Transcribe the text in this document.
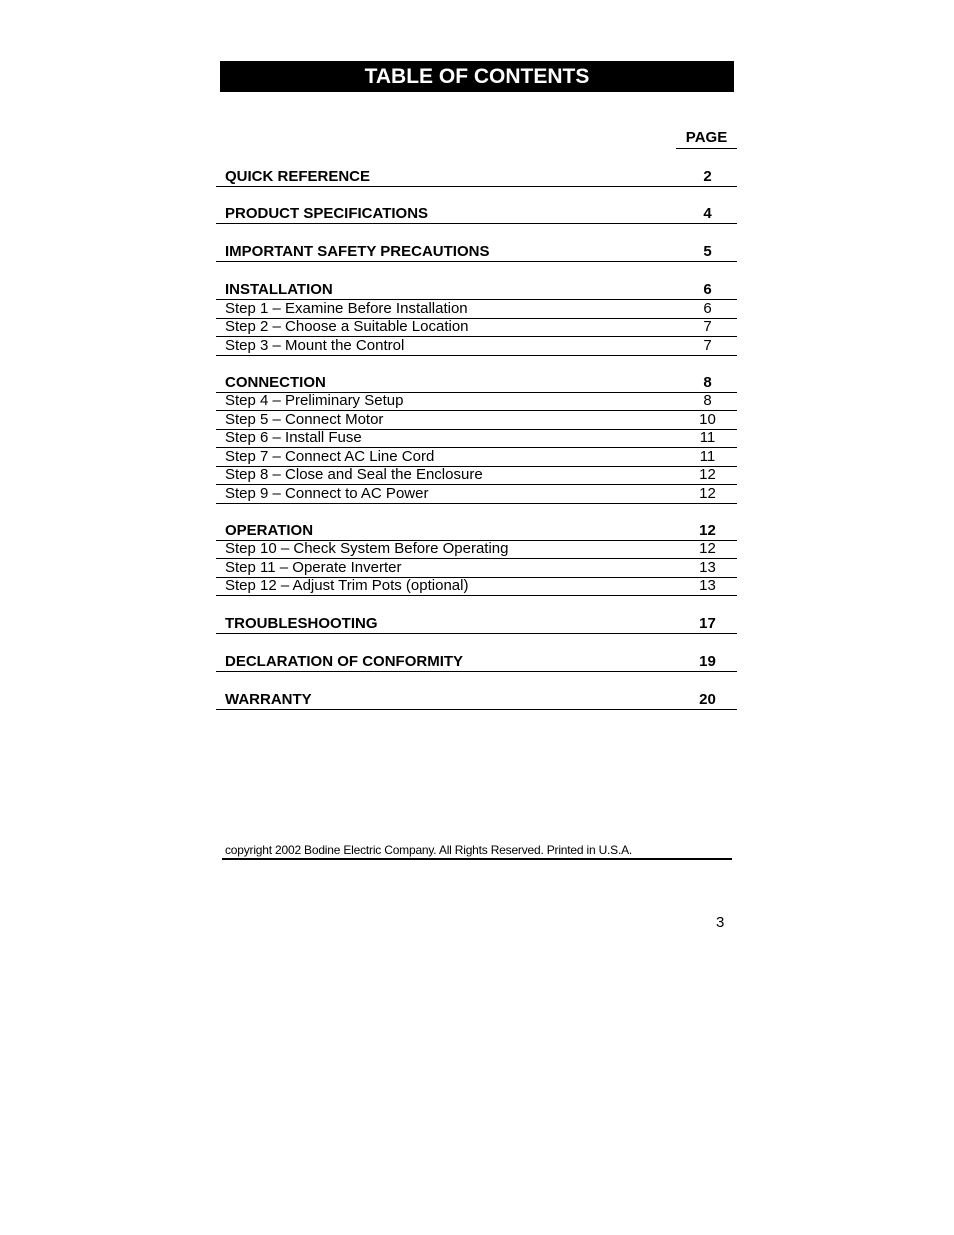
TABLE OF CONTENTS
PAGE
QUICK REFERENCE	2
PRODUCT SPECIFICATIONS	4
IMPORTANT SAFETY PRECAUTIONS	5
INSTALLATION	6
Step 1 – Examine Before Installation	6
Step 2 – Choose a Suitable Location	7
Step 3 – Mount the Control	7
CONNECTION	8
Step 4 – Preliminary Setup	8
Step 5 – Connect Motor	10
Step 6 – Install Fuse	11
Step 7 – Connect AC Line Cord	11
Step 8 – Close and Seal the Enclosure	12
Step 9 – Connect to AC Power	12
OPERATION	12
Step 10 – Check System Before Operating	12
Step 11 – Operate Inverter	13
Step 12 – Adjust Trim Pots (optional)	13
TROUBLESHOOTING	17
DECLARATION OF CONFORMITY	19
WARRANTY	20
copyright 2002 Bodine Electric Company. All Rights Reserved. Printed in U.S.A.
3
